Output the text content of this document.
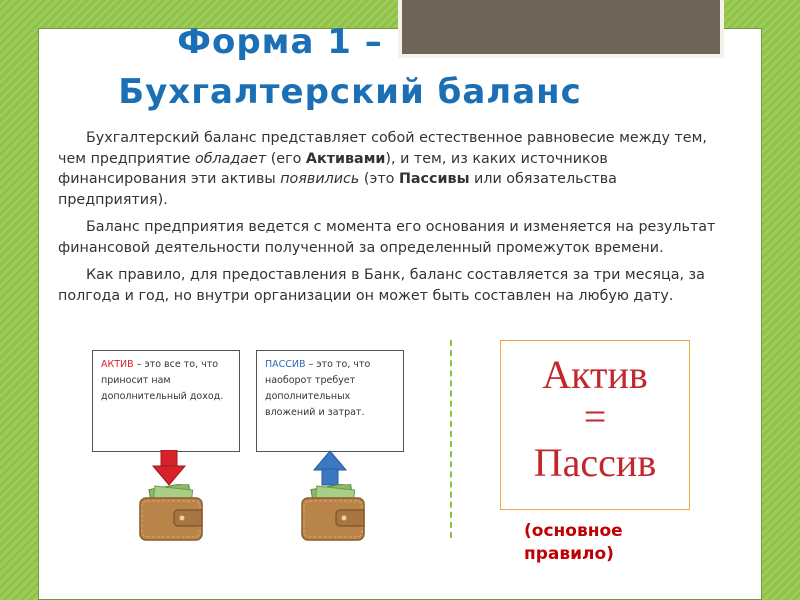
Форма 1 –
Бухгалтерский баланс

Бухгалтерский баланс представляет собой естественное равновесие между тем, чем предприятие обладает (его Активами), и тем, из каких источников финансирования эти активы появились (это Пассивы или обязательства предприятия).

Баланс предприятия ведется с момента его основания и изменяется на результат финансовой деятельности полученной за определенный промежуток времени.

Как правило, для предоставления в Банк, баланс составляется за три месяца, за полгода и год, но внутри организации он может быть составлен на любую дату.

АКТИВ – это все то, что приносит нам дополнительный доход.
ПАССИВ – это то, что наоборот требует дополнительных вложений и затрат.
Актив
=
Пассив
(основное
правило)
